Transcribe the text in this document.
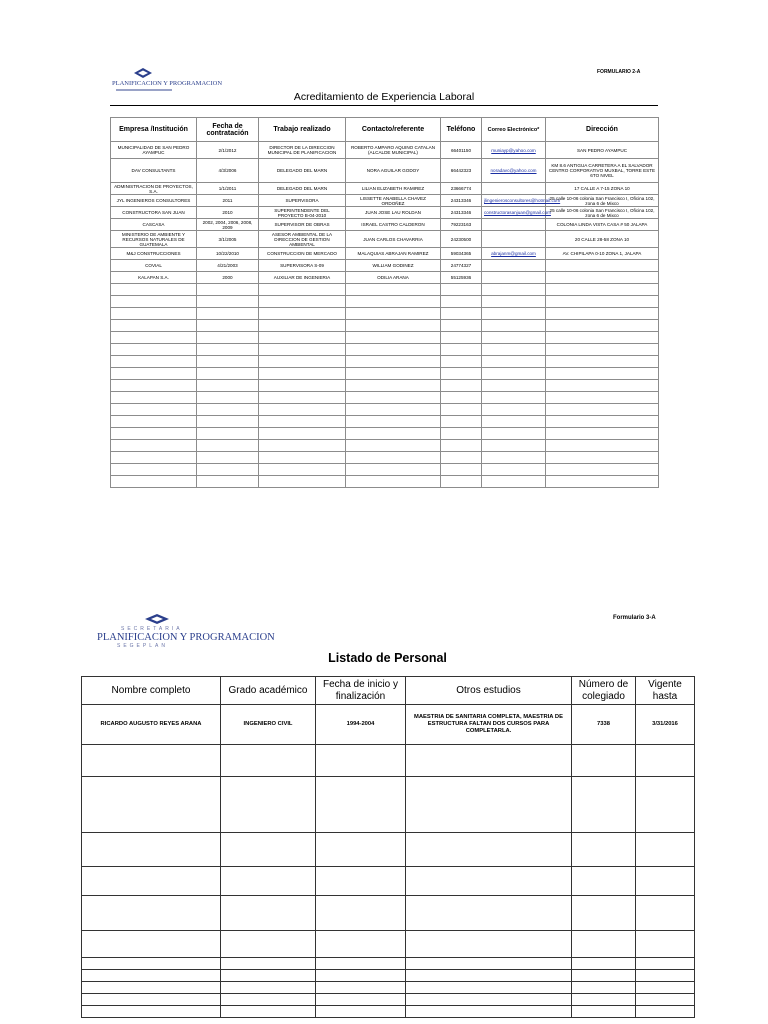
PLANIFICACION Y PROGRAMACION
FORMULARIO 2-A
Acreditamiento de Experiencia Laboral
Empresa /Institución	Fecha de contratación	Trabajo realizado	Contacto/referente	Teléfono	Correo Electrónico*	Dirección
MUNICIPALIDAD DE SAN PEDRO AYAMPUC	2/1/2012	DIRECTOR DE LA DIRECCION MUNICIPAL DE PLANIFICACION	ROBERTO AMPARO AQUINO CATALAN (ALCALDE MUNICIPAL)	66401150	muniayp@yahoo.com	SAN PEDRO AYAMPUC
DAV CONSULTANTS	4/3/2006	DELEGADO DEL MARN	NORA AGUILAR GODOY	66442323	noradavc@yahoo.com	KM 8.6 ANTIGUA CARRETERA A EL SALVADOR CENTRO CORPORATIVO MUXBAL, TORRE ESTE 6TO NIVEL
ADMINISTRACION DE PROYECTOS, S.A.	1/1/2011	DELEGADO DEL MARN	LILIAN ELIZABETH RAMIREZ	23666774		17 CALLE A 7-15 ZONA 10
JYL INGENIEROS CONSULTORES	2011	SUPERVISORA	LISSETTE ANABELLA CHAVEZ ORDOÑEZ	24313346	jlingenierosconsultores@hotmail.com	25 calle 10-06 colonia San Francisco I, Oficina 102, zona 6 de Mixco
CONSTRUCTORA SAN JUAN	2010	SUPERINTENDENTE DEL PROYECTO B-04-2010	JUAN JOSE LAU ROLDAN	24313346	constructorasanjuan@gmail.com	25 calle 10-06 colonia San Francisco I, Oficina 102, zona 6 de Mixco
CASCASA	2002, 2004, 2006, 2008, 2009	SUPERVISOR DE OBRAS	ISRAEL CASTRO CALDERON	79223163		COLONIA LINDA VISTA CASA # 50 JALAPA
MINISTERIO DE AMBIENTE Y RECURSOS NATURALES DE GUATEMALA	3/1/2005	ASESOR AMBIENTAL DE LA DIRECCION DE GESTION AMBIENTAL	JUAN CARLOS CHAVARRIA	24230500		20 CALLE 28-58 ZONA 10
M&J CONSTRUCCIONES	10/22/2010	CONSTRUCCION DE MERCADO	MALAQUIAS ABRAJAN RAMIREZ	59034365	abrajanm@gmail.com	AV. CHIPILAPA 0-10 ZONA 1, JALAPA
COVIAL	4/21/2003	SUPERVISORA S-09	WILLIAM GODINEZ	24774327		
KALAPAN S.A.	2000	AUXILIAR DE INGENIERIA	ODILIA ARANA	55125936		

SECRETARIA
PLANIFICACION Y PROGRAMACION
SEGEPLAN
Formulario 3-A
Listado de Personal
Nombre completo	Grado académico	Fecha de inicio y finalización	Otros estudios	Número de colegiado	Vigente hasta
RICARDO AUGUSTO REYES ARANA	INGENIERO CIVIL	1994-2004	MAESTRIA DE SANITARIA COMPLETA, MAESTRIA DE ESTRUCTURA FALTAN DOS CURSOS PARA COMPLETARLA.	7338	3/31/2016
